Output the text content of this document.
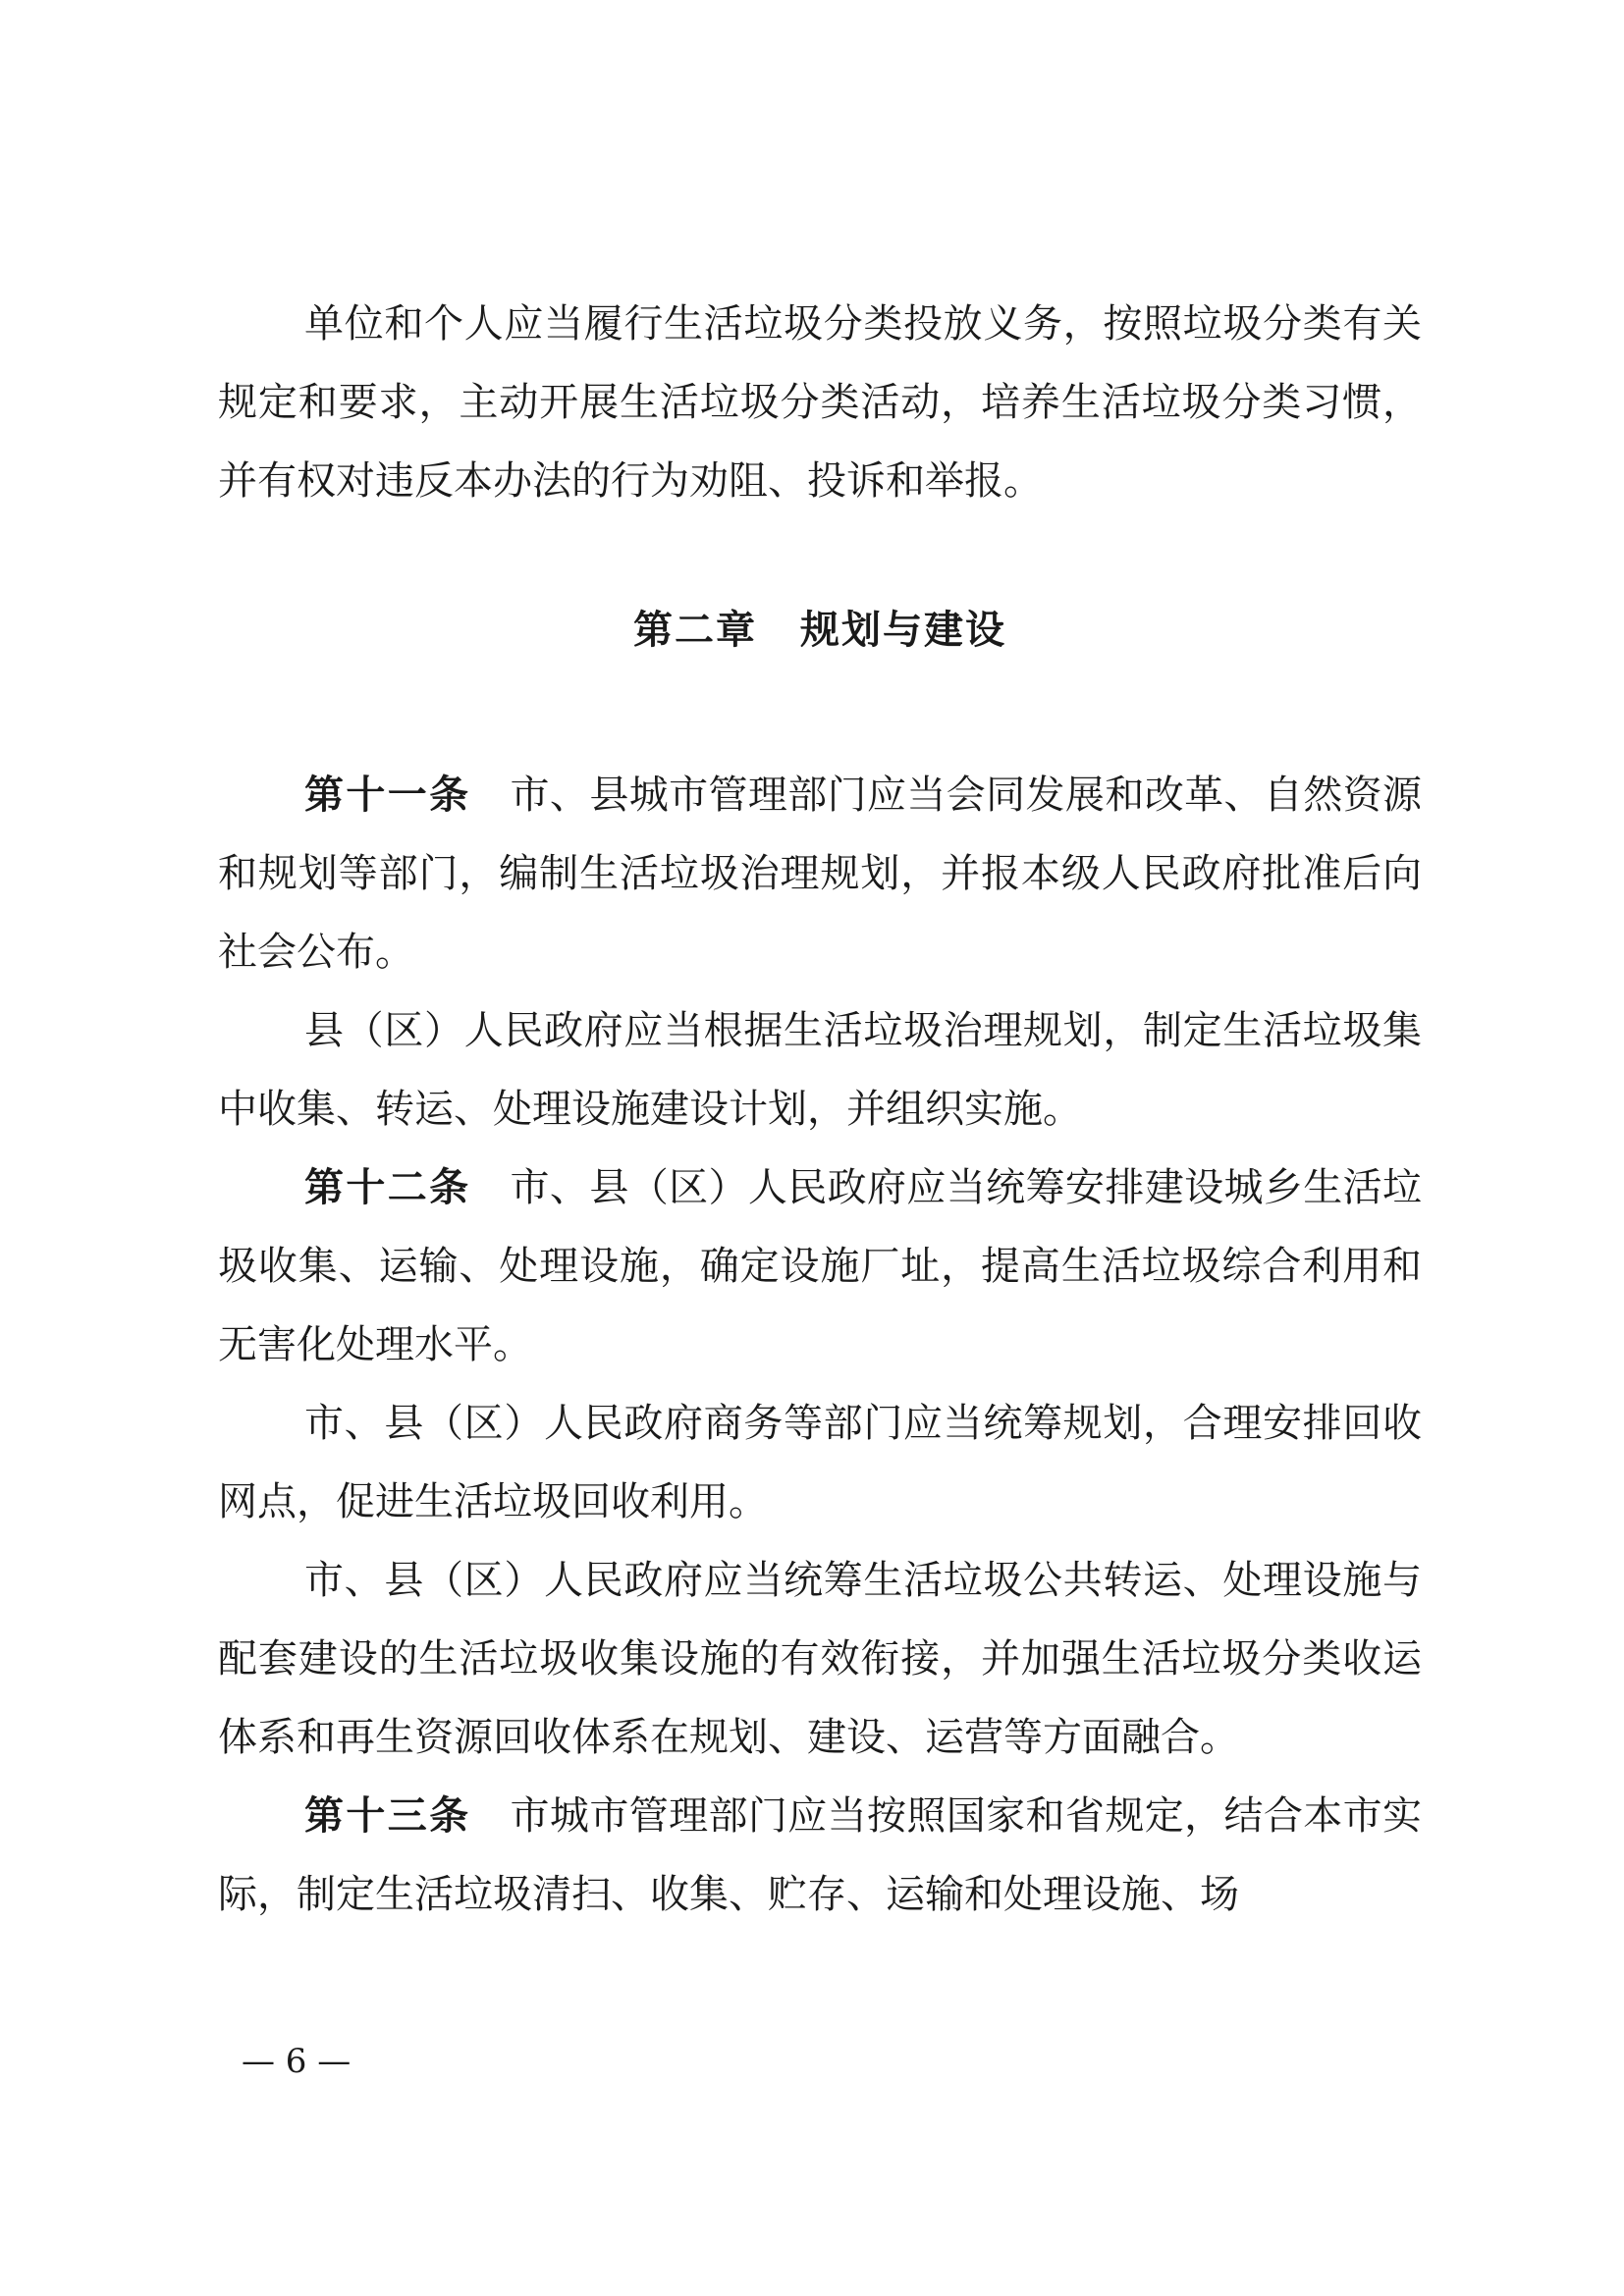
单位和个人应当履行生活垃圾分类投放义务，按照垃圾分类有关规定和要求，主动开展生活垃圾分类活动，培养生活垃圾分类习惯，并有权对违反本办法的行为劝阻、投诉和举报。

第二章 规划与建设

第十一条 市、县城市管理部门应当会同发展和改革、自然资源和规划等部门，编制生活垃圾治理规划，并报本级人民政府批准后向社会公布。

县（区）人民政府应当根据生活垃圾治理规划，制定生活垃圾集中收集、转运、处理设施建设计划，并组织实施。

第十二条 市、县（区）人民政府应当统筹安排建设城乡生活垃圾收集、运输、处理设施，确定设施厂址，提高生活垃圾综合利用和无害化处理水平。

市、县（区）人民政府商务等部门应当统筹规划，合理安排回收网点，促进生活垃圾回收利用。

市、县（区）人民政府应当统筹生活垃圾公共转运、处理设施与配套建设的生活垃圾收集设施的有效衔接，并加强生活垃圾分类收运体系和再生资源回收体系在规划、建设、运营等方面融合。

第十三条 市城市管理部门应当按照国家和省规定，结合本市实际，制定生活垃圾清扫、收集、贮存、运输和处理设施、场

— 6 —
